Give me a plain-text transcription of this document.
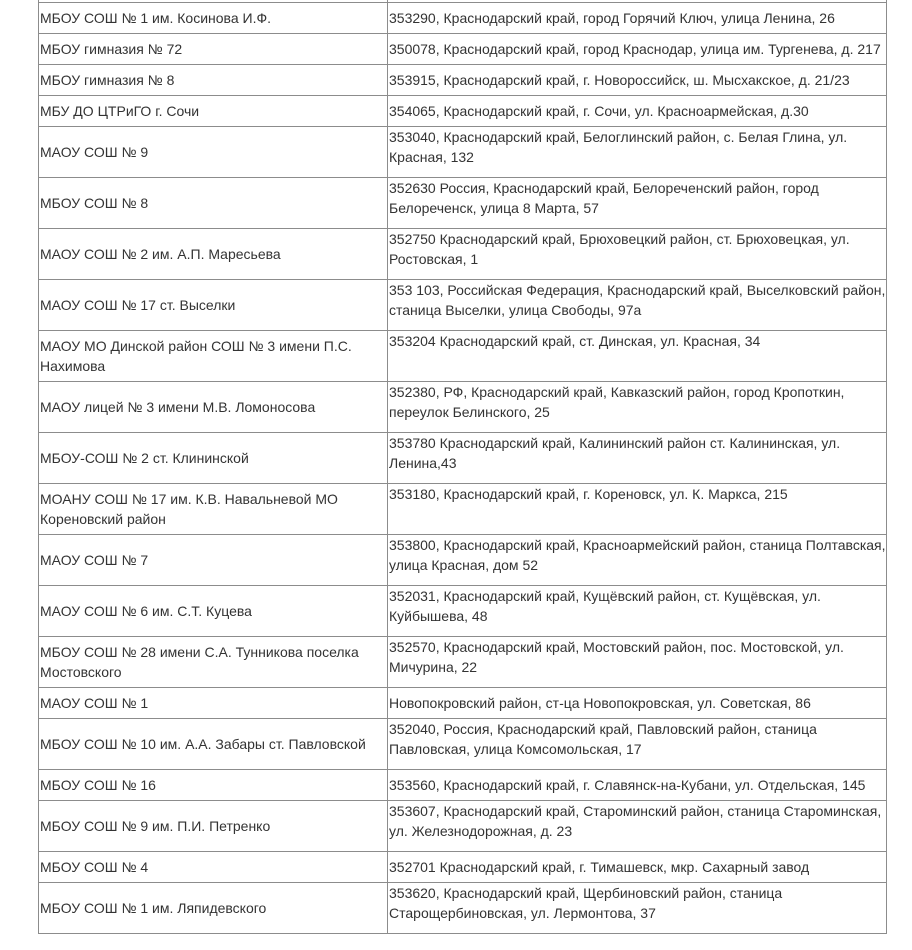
МБОУ СОШ № 1 им. Косинова И.Ф.	353290, Краснодарский край, город Горячий Ключ, улица Ленина, 26
МБОУ гимназия № 72	350078, Краснодарский край, город Краснодар, улица им. Тургенева, д. 217
МБОУ гимназия № 8	353915, Краснодарский край, г. Новороссийск, ш. Мысхакское, д. 21/23
МБУ ДО ЦТРиГО г. Сочи	354065, Краснодарский край, г. Сочи, ул. Красноармейская, д.30
МАОУ СОШ № 9	353040, Краснодарский край, Белоглинский район, с. Белая Глина, ул. Красная, 132
МБОУ СОШ № 8	352630 Россия, Краснодарский край, Белореченский район, город Белореченск, улица 8 Марта, 57
МАОУ СОШ № 2 им. А.П. Маресьева	352750 Краснодарский край, Брюховецкий район, ст. Брюховецкая, ул. Ростовская, 1
МАОУ СОШ № 17 ст. Выселки	353 103, Российская Федерация, Краснодарский край, Выселковский район, станица Выселки, улица Свободы, 97а
МАОУ МО Динской район СОШ № 3 имени П.С. Нахимова	353204 Краснодарский край, ст. Динская, ул. Красная, 34
МАОУ лицей № 3 имени М.В. Ломоносова	352380, РФ, Краснодарский край, Кавказский район, город Кропоткин, переулок Белинского, 25
МБОУ-СОШ № 2 ст. Клининской	353780 Краснодарский край, Калининский район ст. Калининская, ул. Ленина,43
МОАНУ СОШ № 17 им. К.В. Навальневой МО Кореновский район	353180, Краснодарский край, г. Кореновск, ул. К. Маркса, 215
МАОУ СОШ № 7	353800, Краснодарский край, Красноармейский район, станица Полтавская, улица Красная, дом 52
МАОУ СОШ № 6 им. С.Т. Куцева	352031, Краснодарский край, Кущёвский район, ст. Кущёвская, ул. Куйбышева, 48
МБОУ СОШ № 28 имени С.А. Тунникова поселка Мостовского	352570, Краснодарский край, Мостовский район, пос. Мостовской, ул. Мичурина, 22
МАОУ СОШ № 1	Новопокровский район, ст-ца Новопокровская, ул. Советская, 86
МБОУ СОШ № 10 им. А.А. Забары ст. Павловской	352040, Россия, Краснодарский край, Павловский район, станица Павловская, улица Комсомольская, 17
МБОУ СОШ № 16	353560, Краснодарский край, г. Славянск-на-Кубани, ул. Отдельская, 145
МБОУ СОШ № 9 им. П.И. Петренко	353607, Краснодарский край, Староминский район, станица Староминская, ул. Железнодорожная, д. 23
МБОУ СОШ № 4	352701 Краснодарский край, г. Тимашевск, мкр. Сахарный завод
МБОУ СОШ № 1 им. Ляпидевского	353620, Краснодарский край, Щербиновский район, станица Старощербиновская, ул. Лермонтова, 37
